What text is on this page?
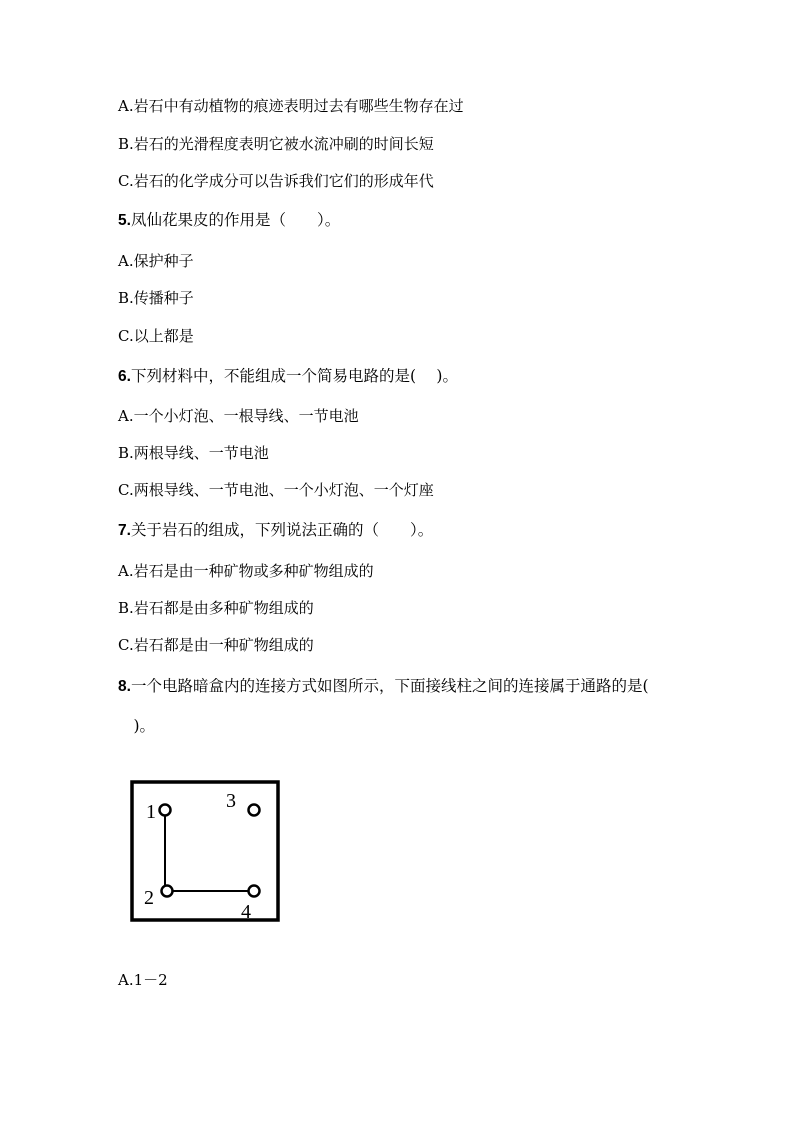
A.岩石中有动植物的痕迹表明过去有哪些生物存在过
B.岩石的光滑程度表明它被水流冲刷的时间长短
C.岩石的化学成分可以告诉我们它们的形成年代
5.凤仙花果皮的作用是（　　）。
A.保护种子
B.传播种子
C.以上都是
6.下列材料中，不能组成一个简易电路的是(　 )。
A.一个小灯泡、一根导线、一节电池
B.两根导线、一节电池
C.两根导线、一节电池、一个小灯泡、一个灯座
7.关于岩石的组成，下列说法正确的（　　）。
A.岩石是由一种矿物或多种矿物组成的
B.岩石都是由多种矿物组成的
C.岩石都是由一种矿物组成的
8.一个电路暗盒内的连接方式如图所示，下面接线柱之间的连接属于通路的是(
　)。
1
2
3
4
A.1－2
